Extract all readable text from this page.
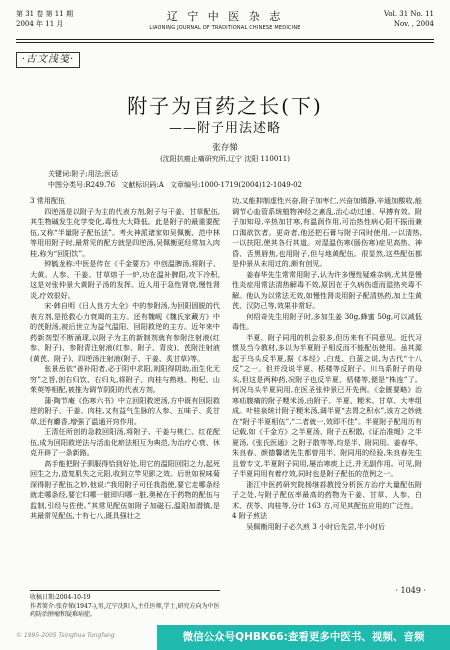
第 31 卷 第 11 期
2004 年 11 月
辽 宁 中 医 杂 志
LIAONING JOURNAL OF TRADITIONAL CHINESE MEDICINE
Vol. 31 No. 11
Nov. , 2004
·古文浅笺·
附子为百药之长(下)
——附子用法述略
张存悌
(沈阳抗癌止痛研究所,辽宁 沈阳 110011)
关键词:附子;用法;医话
中图分类号:R249.76 文献标识码:A 文章编号:1000-1719(2004)12-1049-02
3 常用配伍

四逆汤是以附子为主的代表方剂,附子与干姜、甘草配伍,其生物碱发生化学变化,毒性大大降低。此是附子的最重要配伍,又称“半量附子配伍法”。考火神派诸家如吴佩衡、范中林等用用附子时,最常见的配方就是四逆汤,吴佩衡更经常加入肉桂,称为“回阳饮”。

钟毓龙称:中医是传在《千金要方》中创温脾汤,将附子、大黄、人参、干姜、甘草熔于一炉,功在温补脾阳,攻下冷积,这是对张仲景大黄附子汤的发挥。近人用于急性肾衰,慢性肾炎,疗效很好。

宋·韩自明《日人良方大全》中的参附汤,为回阳固脱的代表方剂,是抢救心力衰竭的主方。还有魏岘《魏氏家藏方》中的芪附汤,被后世立为益气温阳、回阳救逆的主方。近年来中药新剂型不断涌现,以附子为主的新制剂就有参附注射液(红参、附子)、参附青注射液(红参、附子、青皮)、芪附注射液(黄芪、附子)、四逆汤注射液(附子、干姜、炙甘草)等。

张景岳依“善补阳者,必于阴中求阳,则阳得阴助,而生化无穷”之旨,创右归饮、右归丸,将附子、肉桂与熟地、枸杞、山茱萸等相配,被推为调节阴阳的代表方剂。

蒲·陶节庵《伤寒六书》中立回阳救逆汤,方中既有回阳救逆的附子、干姜、肉桂,又有益气生脉的人参、五味子、炙甘草,还有麝香,增强了温通开窍作用。

王清任所创的急救回阳汤,将附子、干姜与桃仁、红花配伍,成为回阳救逆法与活血化瘀法相互为典范,为治疗心衰、休克开辟了一条新路。

高手能把附子驯服得恰到好处,用它的温阳回阳之力,起死回生之力,造复肌失之元阳,收到立竿见影之效。后世如祝味菊深得附子配伍之妙,他说:“我用附子可任我指使,要它走哪条经就走哪条经,要它归哪一脏即归哪一脏,奥秘在于药物的配伍与监制,引经与佐使。”其常见配伍如附子加磁石,温阳加潜镇,是其最常见配伍,十有七八,既具强壮之

功,又能抑制虚性兴奋,附子加枣仁,兴奋加镇静,辛通加酸收,能调节心血管系统植物神经之紊乱,治心动过速、早搏有效。附子加知母,辛热加甘寒,有温润作用,可治热性病心阳不振而兼口渴欲饮者。更奇者,他还把石膏与附子同时使用,一以清热,一以扶阳,使其各行其道。对湿温伤寒(肠伤寒)症见高热、神昏、舌黑唇焦,也用附子,但与地黄配伍。很显然,这些配伍都是仲景从未用过的,颇有创见。

姜春华先生常常用附子,认为许多慢性疑难杂病,尤其是慢性炎症用常法清热解毒不效,原因在于久病伤虚而湿热夹毒不解。他认为以常法无效,如慢性肾炎用附子配清热药,加上生黄芪、汉防己等,效果非常好。

何绍奇先生用附子时,多加生姜 30g,蜂蜜 50g,可以减低毒性。

半夏、附子同用的机会很多,但历来有不同意见。近代习惯及当今教材,多以为半夏附子相反而不能配伍使用。虽其源起于乌头反半夏,据《本经》,白芨、白蔹之说,为古代“十八反”之一。但并没说半夏、栝楼等反附子。川乌系附子的母头,但这是两种药,况附子也反半夏、栝楼等,便是“株连”了。何况乌头半夏同用,在医圣张仲景已开先例。《金匮要略》治寒疝腹痛的附子粳米汤,由附子、半夏、粳米、甘草、大枣组成。叶桂泉统计附子粳米汤,调半夏“去胃之积水”,该方之妙就在“附子半夏相伍”,“二者就一,效即不佳”。半夏附子配用历有记载,如《千金方》之半夏汤、附子五积散,《证治准绳》之半夏汤,《张氏医通》之附子散等等,均是半、附同用。姜春华、朱良春、颜德馨诸先生都曾用半、附同用的经验,朱良春先生且曾专文,半夏附子同用,屡治寒痰上泛,并无副作用。可见,附子半夏同用有着疗效,同时也是附子配伍的范例之一。

浙江中医药研究院杨继荪教授分析医方治疗大量配伍附子之处,与附子配伍率最高的药物为干姜、甘草、人参、白术、茯苓、肉桂等,分计 163 方,可见其配伍应用的广泛性。

4 附子煎法

吴佩衡用附子必久煎 3 小时后先尝,半小时后

收稿日期:2004-10-19
作者简介:张存悌(1947-),男,辽宁沈阳人,主任医师,学士,研究方向为中医药防治肿瘤和疑难病症。
· 1049 ·
© 1995-2005 Tsinghua Tongfang	微信公众号QHBK66:查看更多中医书、视频、音频
